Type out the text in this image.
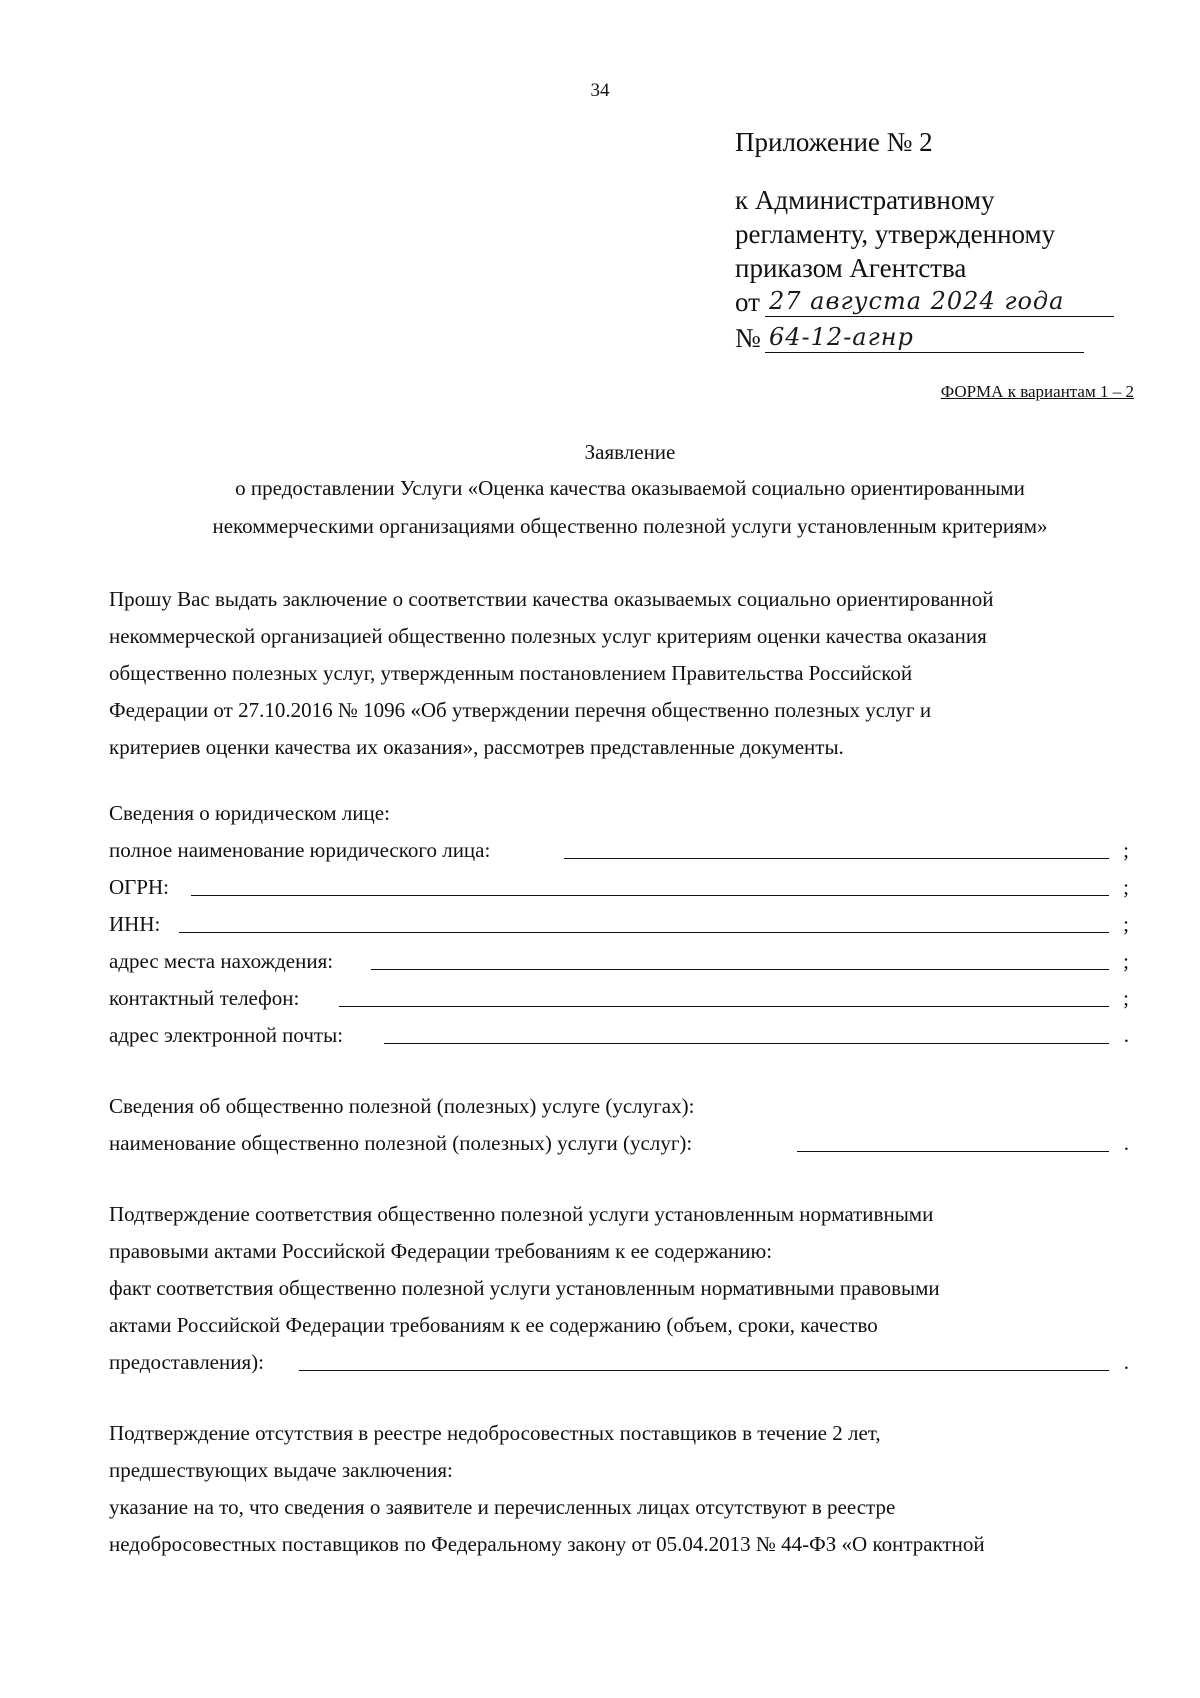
34
Приложение № 2
к Административному
регламенту, утвержденному
приказом Агентства
от 27 августа 2024 года
№ 64-12-агнр
ФОРМА к вариантам 1 – 2
Заявление
о предоставлении Услуги «Оценка качества оказываемой социально ориентированными
некоммерческими организациями общественно полезной услуги установленным критериям»
Прошу Вас выдать заключение о соответствии качества оказываемых социально ориентированной
некоммерческой организацией общественно полезных услуг критериям оценки качества оказания
общественно полезных услуг, утвержденным постановлением Правительства Российской
Федерации от 27.10.2016 № 1096 «Об утверждении перечня общественно полезных услуг и
критериев оценки качества их оказания», рассмотрев представленные документы.
Сведения о юридическом лице:
полное наименование юридического лица:	;
ОГРН:	;
ИНН:	;
адрес места нахождения:	;
контактный телефон:	;
адрес электронной почты:	.
Сведения об общественно полезной (полезных) услуге (услугах):
наименование общественно полезной (полезных) услуги (услуг):	.
Подтверждение соответствия общественно полезной услуги установленным нормативными
правовыми актами Российской Федерации требованиям к ее содержанию:
факт соответствия общественно полезной услуги установленным нормативными правовыми
актами Российской Федерации требованиям к ее содержанию (объем, сроки, качество
предоставления):	.
Подтверждение отсутствия в реестре недобросовестных поставщиков в течение 2 лет,
предшествующих выдаче заключения:
указание на то, что сведения о заявителе и перечисленных лицах отсутствуют в реестре
недобросовестных поставщиков по Федеральному закону от 05.04.2013 № 44-ФЗ «О контрактной
